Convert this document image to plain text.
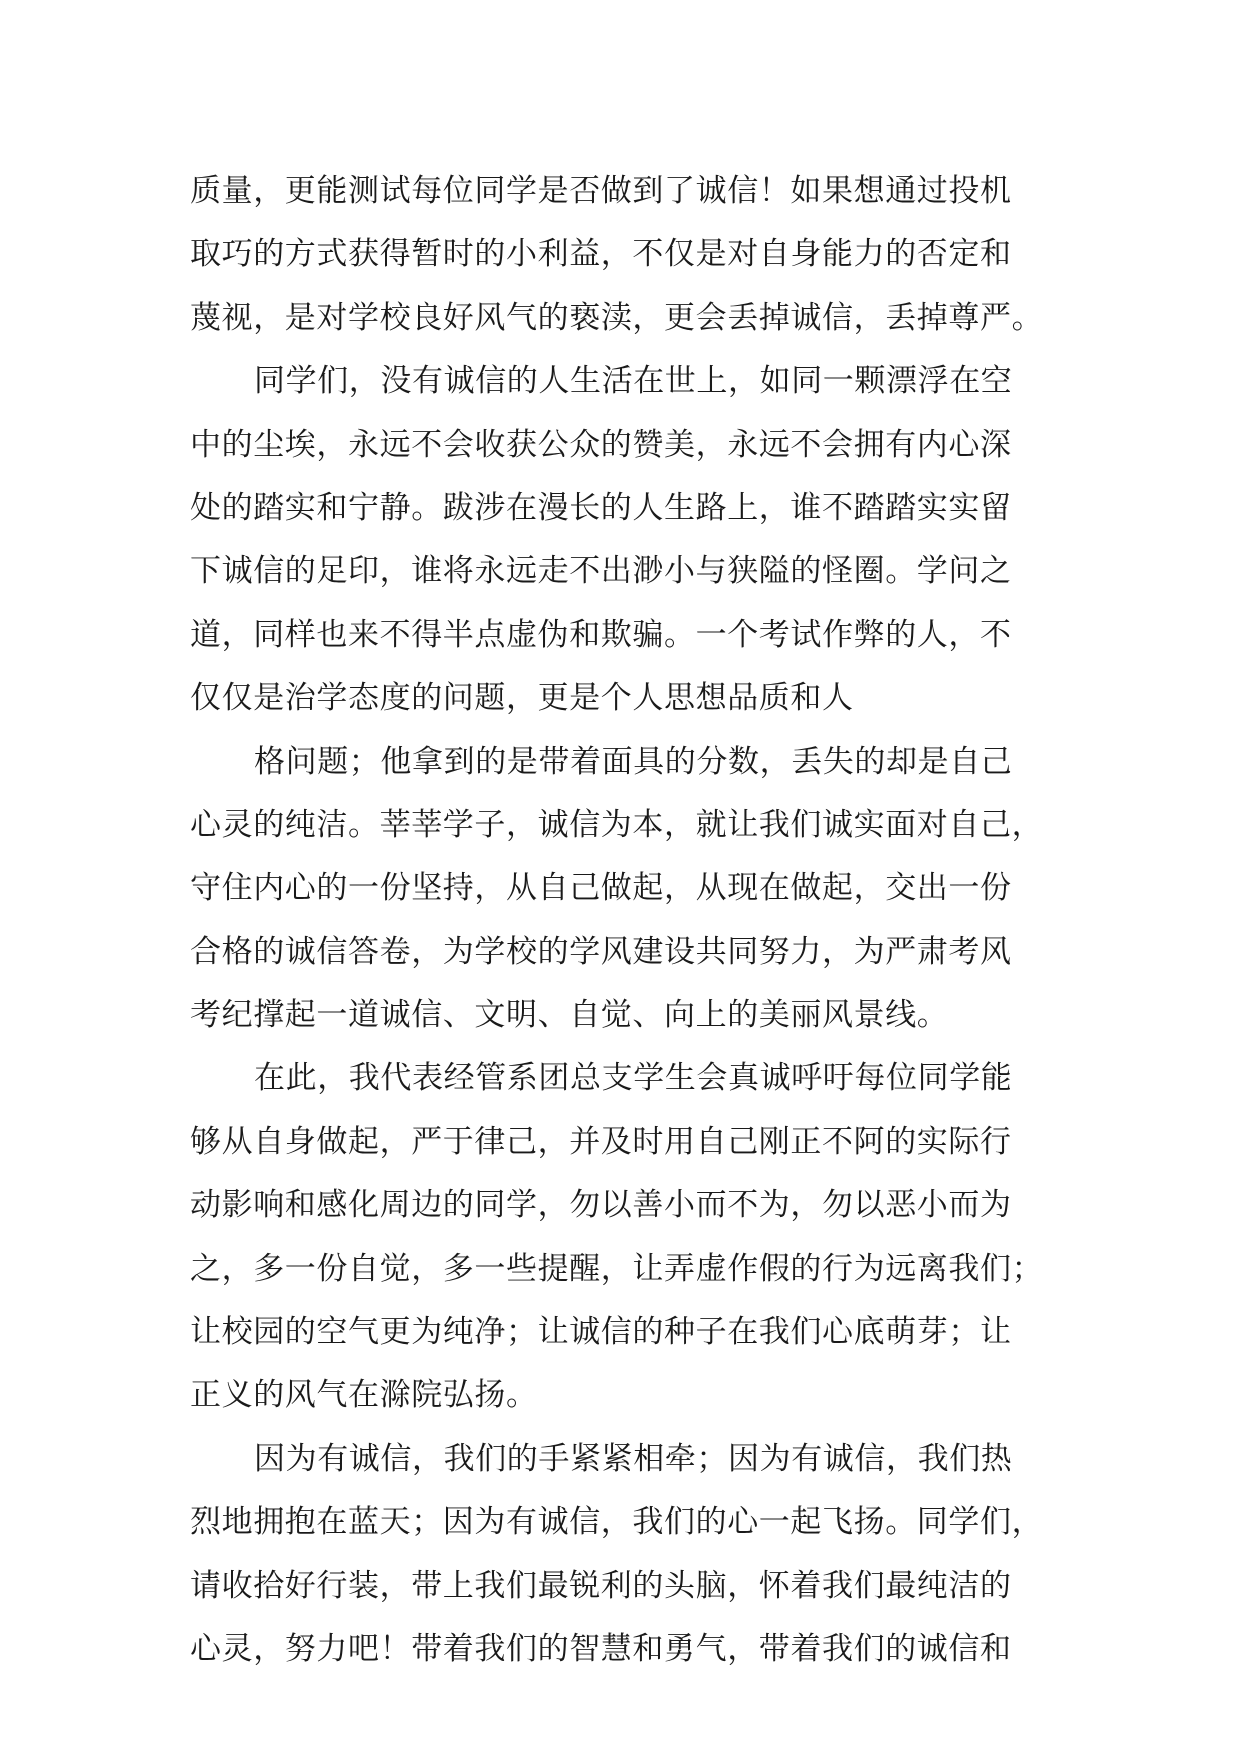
质量，更能测试每位同学是否做到了诚信！如果想通过投机
取巧的方式获得暂时的小利益，不仅是对自身能力的否定和
蔑视，是对学校良好风气的亵渎，更会丢掉诚信，丢掉尊严。
同学们，没有诚信的人生活在世上，如同一颗漂浮在空
中的尘埃，永远不会收获公众的赞美，永远不会拥有内心深
处的踏实和宁静。跋涉在漫长的人生路上，谁不踏踏实实留
下诚信的足印，谁将永远走不出渺小与狭隘的怪圈。学问之
道，同样也来不得半点虚伪和欺骗。一个考试作弊的人，不
仅仅是治学态度的问题，更是个人思想品质和人
格问题；他拿到的是带着面具的分数，丢失的却是自己
心灵的纯洁。莘莘学子，诚信为本，就让我们诚实面对自己，
守住内心的一份坚持，从自己做起，从现在做起，交出一份
合格的诚信答卷，为学校的学风建设共同努力，为严肃考风
考纪撑起一道诚信、文明、自觉、向上的美丽风景线。
在此，我代表经管系团总支学生会真诚呼吁每位同学能
够从自身做起，严于律己，并及时用自己刚正不阿的实际行
动影响和感化周边的同学，勿以善小而不为，勿以恶小而为
之，多一份自觉，多一些提醒，让弄虚作假的行为远离我们；
让校园的空气更为纯净；让诚信的种子在我们心底萌芽；让
正义的风气在滁院弘扬。
因为有诚信，我们的手紧紧相牵；因为有诚信，我们热
烈地拥抱在蓝天；因为有诚信，我们的心一起飞扬。同学们，
请收拾好行装，带上我们最锐利的头脑，怀着我们最纯洁的
心灵，努力吧！带着我们的智慧和勇气，带着我们的诚信和
